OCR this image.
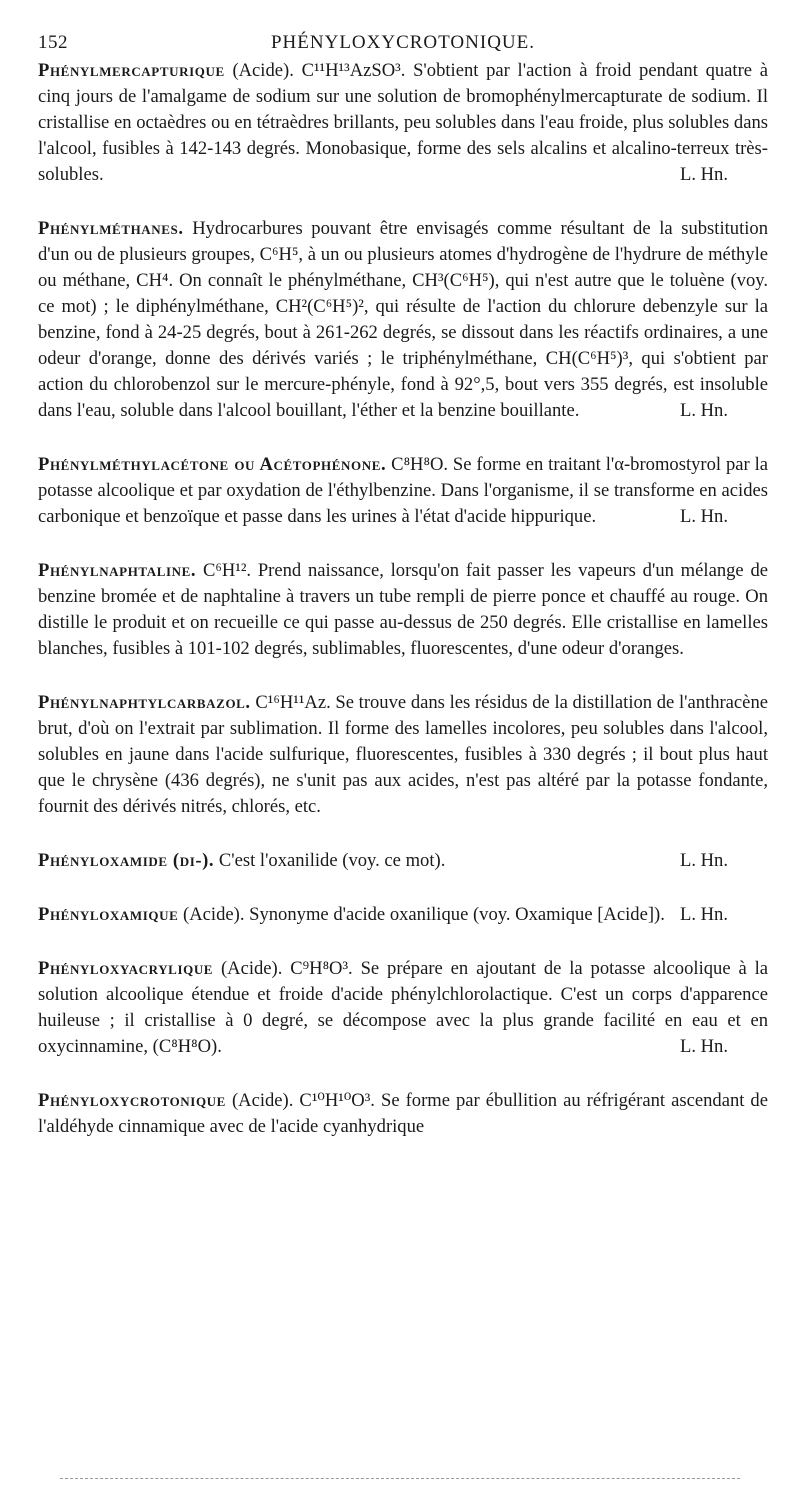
152	PHÉNYLOXYCROTONIQUE.

Phénylmercapturique (Acide). C¹¹H¹³AzSO³. S'obtient par l'action à froid pendant quatre à cinq jours de l'amalgame de sodium sur une solution de bromophénylmercapturate de sodium. Il cristallise en octaèdres ou en tétraèdres brillants, peu solubles dans l'eau froide, plus solubles dans l'alcool, fusibles à 142-143 degrés. Monobasique, forme des sels alcalins et alcalino-terreux très-solubles.	L. Hn.

Phénylméthanes. Hydrocarbures pouvant être envisagés comme résultant de la substitution d'un ou de plusieurs groupes, C⁶H⁵, à un ou plusieurs atomes d'hydrogène de l'hydrure de méthyle ou méthane, CH⁴. On connaît le phénylméthane, CH³(C⁶H⁵), qui n'est autre que le toluène (voy. ce mot) ; le diphénylméthane, CH²(C⁶H⁵)², qui résulte de l'action du chlorure debenzyle sur la benzine, fond à 24-25 degrés, bout à 261-262 degrés, se dissout dans les réactifs ordinaires, a une odeur d'orange, donne des dérivés variés ; le triphénylméthane, CH(C⁶H⁵)³, qui s'obtient par action du chlorobenzol sur le mercure-phényle, fond à 92°,5, bout vers 355 degrés, est insoluble dans l'eau, soluble dans l'alcool bouillant, l'éther et la benzine bouillante.	L. Hn.

Phénylméthylacétone ou Acétophénone. C⁸H⁸O. Se forme en traitant l'α-bromostyrol par la potasse alcoolique et par oxydation de l'éthylbenzine. Dans l'organisme, il se transforme en acides carbonique et benzoïque et passe dans les urines à l'état d'acide hippurique.	L. Hn.

Phénylnaphtaline. C⁶H¹². Prend naissance, lorsqu'on fait passer les vapeurs d'un mélange de benzine bromée et de naphtaline à travers un tube rempli de pierre ponce et chauffé au rouge. On distille le produit et on recueille ce qui passe au-dessus de 250 degrés. Elle cristallise en lamelles blanches, fusibles à 101-102 degrés, sublimables, fluorescentes, d'une odeur d'oranges.

Phénylnaphtylcarbazol. C¹⁶H¹¹Az. Se trouve dans les résidus de la distillation de l'anthracène brut, d'où on l'extrait par sublimation. Il forme des lamelles incolores, peu solubles dans l'alcool, solubles en jaune dans l'acide sulfurique, fluorescentes, fusibles à 330 degrés ; il bout plus haut que le chrysène (436 degrés), ne s'unit pas aux acides, n'est pas altéré par la potasse fondante, fournit des dérivés nitrés, chlorés, etc.

Phényloxamide (di-). C'est l'oxanilide (voy. ce mot).	L. Hn.

Phényloxamique (Acide). Synonyme d'acide oxanilique (voy. Oxamique [Acide]). L. Hn.

Phényloxyacrylique (Acide). C⁹H⁸O³. Se prépare en ajoutant de la potasse alcoolique à la solution alcoolique étendue et froide d'acide phénylchlorolactique. C'est un corps d'apparence huileuse ; il cristallise à 0 degré, se décompose avec la plus grande facilité en eau et en oxycinnamine, (C⁸H⁸O).	L. Hn.

Phényloxycrotonique (Acide). C¹⁰H¹⁰O³. Se forme par ébullition au réfrigérant ascendant de l'aldéhyde cinnamique avec de l'acide cyanhydrique
